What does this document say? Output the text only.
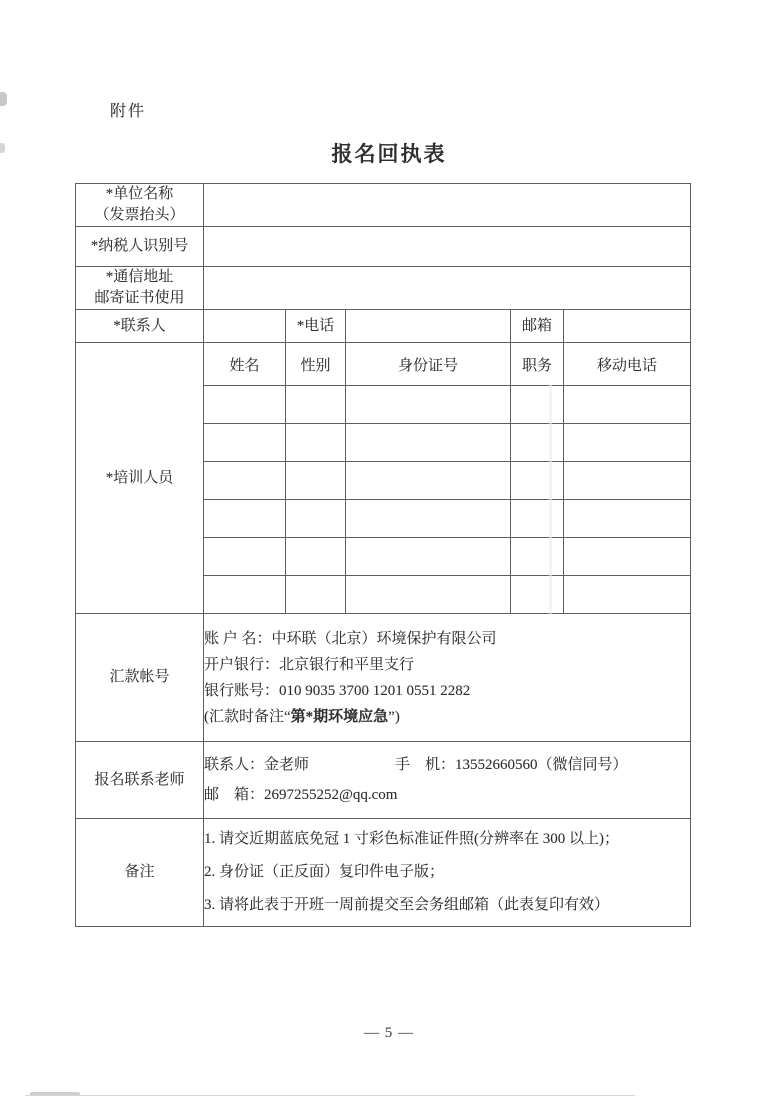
附件
报名回执表
*单位名称
（发票抬头）					

*纳税人识别号					

*通信地址
邮寄证书使用					

*联系人		*电话		邮箱	
*培训人员	姓名	性别	身份证号	职务	移动电话

汇款帐号	账 户 名：中环联（北京）环境保护有限公司
开户银行：北京银行和平里支行
银行账号：010 9035 3700 1201 0551 2282
(汇款时备注“第*期环境应急”)				

报名联系老师	联系人：金老师 手　机：13552660560（微信同号）
邮　箱：2697255252@qq.com				

备注	1. 请交近期蓝底免冠 1 寸彩色标准证件照(分辨率在 300 以上)；
2. 身份证（正反面）复印件电子版；
3. 请将此表于开班一周前提交至会务组邮箱（此表复印有效）				
— 5 —
